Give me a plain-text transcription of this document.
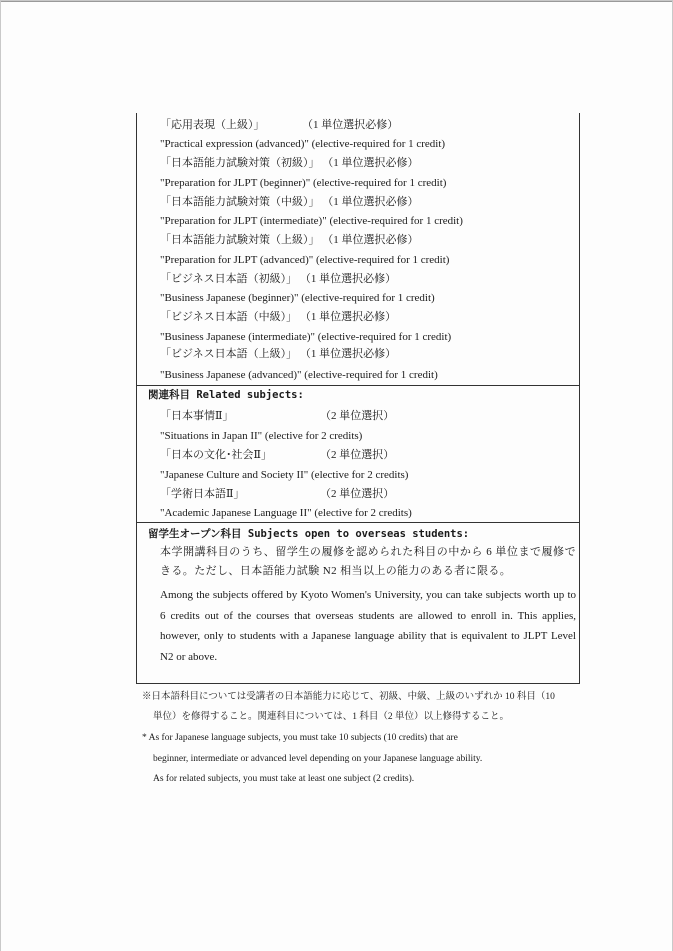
「応用表現（上級）」	（1 単位選択必修）
"Practical expression (advanced)" (elective-required for 1 credit)
「日本語能力試験対策（初級）」 （1 単位選択必修）
"Preparation for JLPT (beginner)" (elective-required for 1 credit)
「日本語能力試験対策（中級）」 （1 単位選択必修）
"Preparation for JLPT (intermediate)" (elective-required for 1 credit)
「日本語能力試験対策（上級）」 （1 単位選択必修）
"Preparation for JLPT (advanced)" (elective-required for 1 credit)
「ビジネス日本語（初級）」 （1 単位選択必修）
"Business Japanese (beginner)" (elective-required for 1 credit)
「ビジネス日本語（中級）」 （1 単位選択必修）
"Business Japanese (intermediate)" (elective-required for 1 credit)
「ビジネス日本語（上級）」 （1 単位選択必修）
"Business Japanese (advanced)" (elective-required for 1 credit)
関連科目 Related subjects:
「日本事情Ⅱ」	（2 単位選択）
"Situations in Japan II" (elective for 2 credits)
「日本の文化･社会Ⅱ」	（2 単位選択）
"Japanese Culture and Society II" (elective for 2 credits)
「学術日本語Ⅱ」	（2 単位選択）
"Academic Japanese Language II" (elective for 2 credits)
留学生オープン科目 Subjects open to overseas students:
本学開講科目のうち、留学生の履修を認められた科目の中から 6 単位まで履修できる。ただし、日本語能力試験 N2 相当以上の能力のある者に限る。
Among the subjects offered by Kyoto Women's University, you can take subjects worth up to 6 credits out of the courses that overseas students are allowed to enroll in. This applies, however, only to students with a Japanese language ability that is equivalent to JLPT Level N2 or above.
※日本語科目については受講者の日本語能力に応じて、初級、中級、上級のいずれか 10 科目（10
単位）を修得すること。関連科目については、1 科目（2 単位）以上修得すること。
* As for Japanese language subjects, you must take 10 subjects (10 credits) that are
beginner, intermediate or advanced level depending on your Japanese language ability.
As for related subjects, you must take at least one subject (2 credits).
